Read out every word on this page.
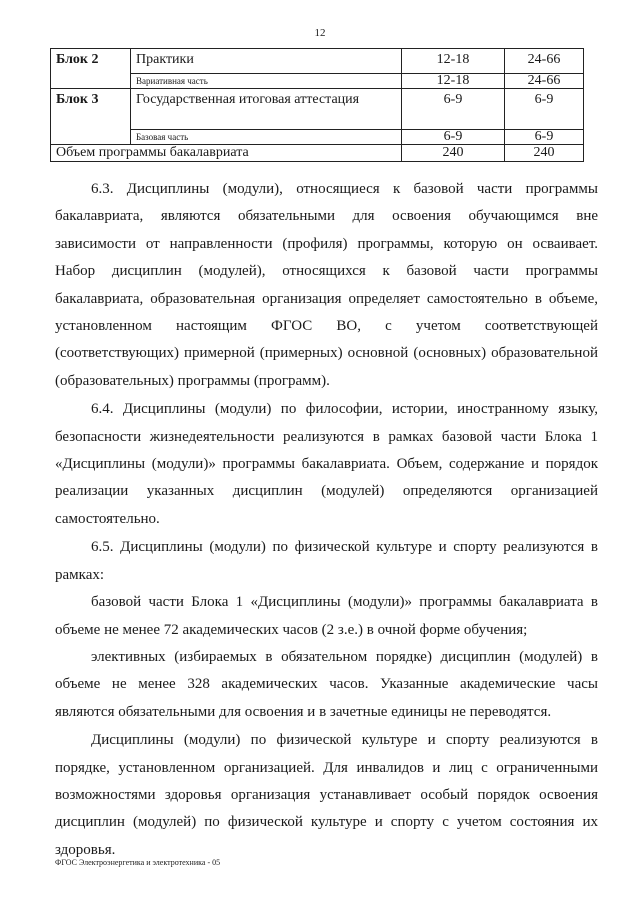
12
Блок 2	Практики	12-18	24-66
	Вариативная часть	12-18	24-66
Блок 3	Государственная итоговая аттестация	6-9	6-9
	Базовая часть	6-9	6-9
Объем программы бакалавриата		240	240

6.3. Дисциплины (модули), относящиеся к базовой части программы бакалавриата, являются обязательными для освоения обучающимся вне зависимости от направленности (профиля) программы, которую он осваивает. Набор дисциплин (модулей), относящихся к базовой части программы бакалавриата, образовательная организация определяет самостоятельно в объеме, установленном настоящим ФГОС ВО, с учетом соответствующей (соответствующих) примерной (примерных) основной (основных) образовательной (образовательных) программы (программ).

6.4. Дисциплины (модули) по философии, истории, иностранному языку, безопасности жизнедеятельности реализуются в рамках базовой части Блока 1 «Дисциплины (модули)» программы бакалавриата. Объем, содержание и порядок реализации указанных дисциплин (модулей) определяются организацией самостоятельно.

6.5. Дисциплины (модули) по физической культуре и спорту реализуются в рамках:

базовой части Блока 1 «Дисциплины (модули)» программы бакалавриата в объеме не менее 72 академических часов (2 з.е.) в очной форме обучения;

элективных (избираемых в обязательном порядке) дисциплин (модулей) в объеме не менее 328 академических часов. Указанные академические часы являются обязательными для освоения и в зачетные единицы не переводятся.

Дисциплины (модули) по физической культуре и спорту реализуются в порядке, установленном организацией. Для инвалидов и лиц с ограниченными возможностями здоровья организация устанавливает особый порядок освоения дисциплин (модулей) по физической культуре и спорту с учетом состояния их здоровья.

ФГОС Электроэнергетика и электротехника - 05
